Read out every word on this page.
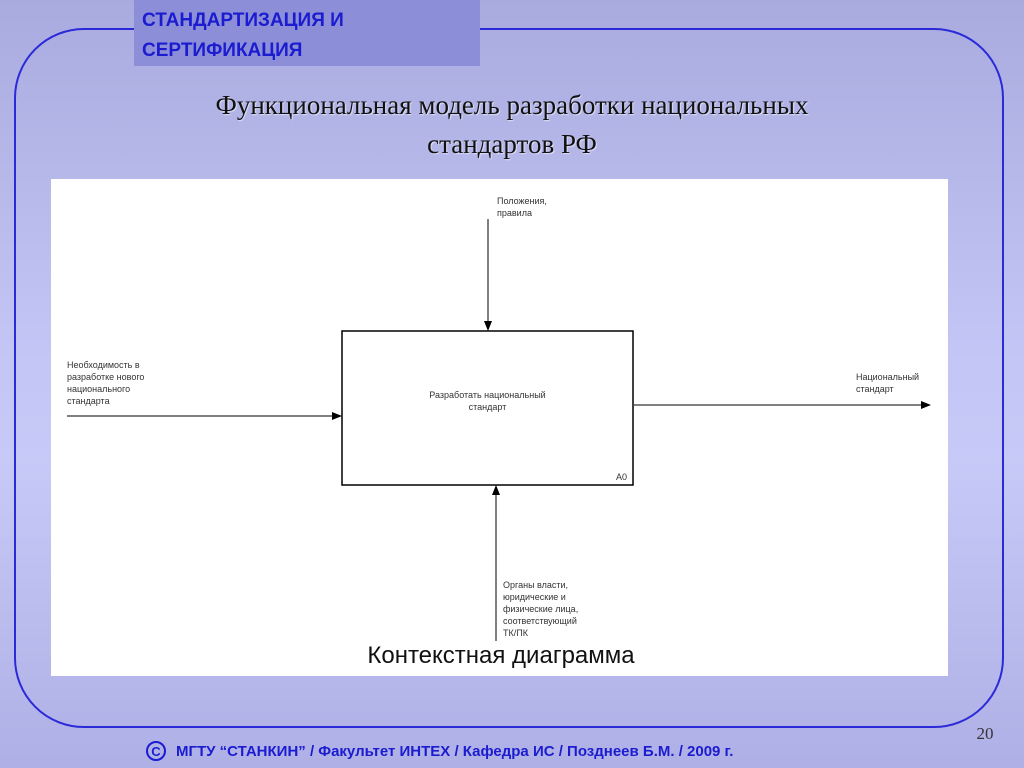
СТАНДАРТИЗАЦИЯ И
СЕРТИФИКАЦИЯ
Функциональная модель разработки национальных
стандартов РФ
Положения,
правила
Необходимость в
разработке нового
национального
стандарта
Разработать национальный
стандарт
A0
Национальный
стандарт
Органы власти,
юридические и
физические лица,
соответствующий
ТК/ПК
Контекстная диаграмма
20
С	МГТУ “СТАНКИН” / Факультет ИНТЕХ / Кафедра ИС / Позднеев Б.М. / 2009 г.
